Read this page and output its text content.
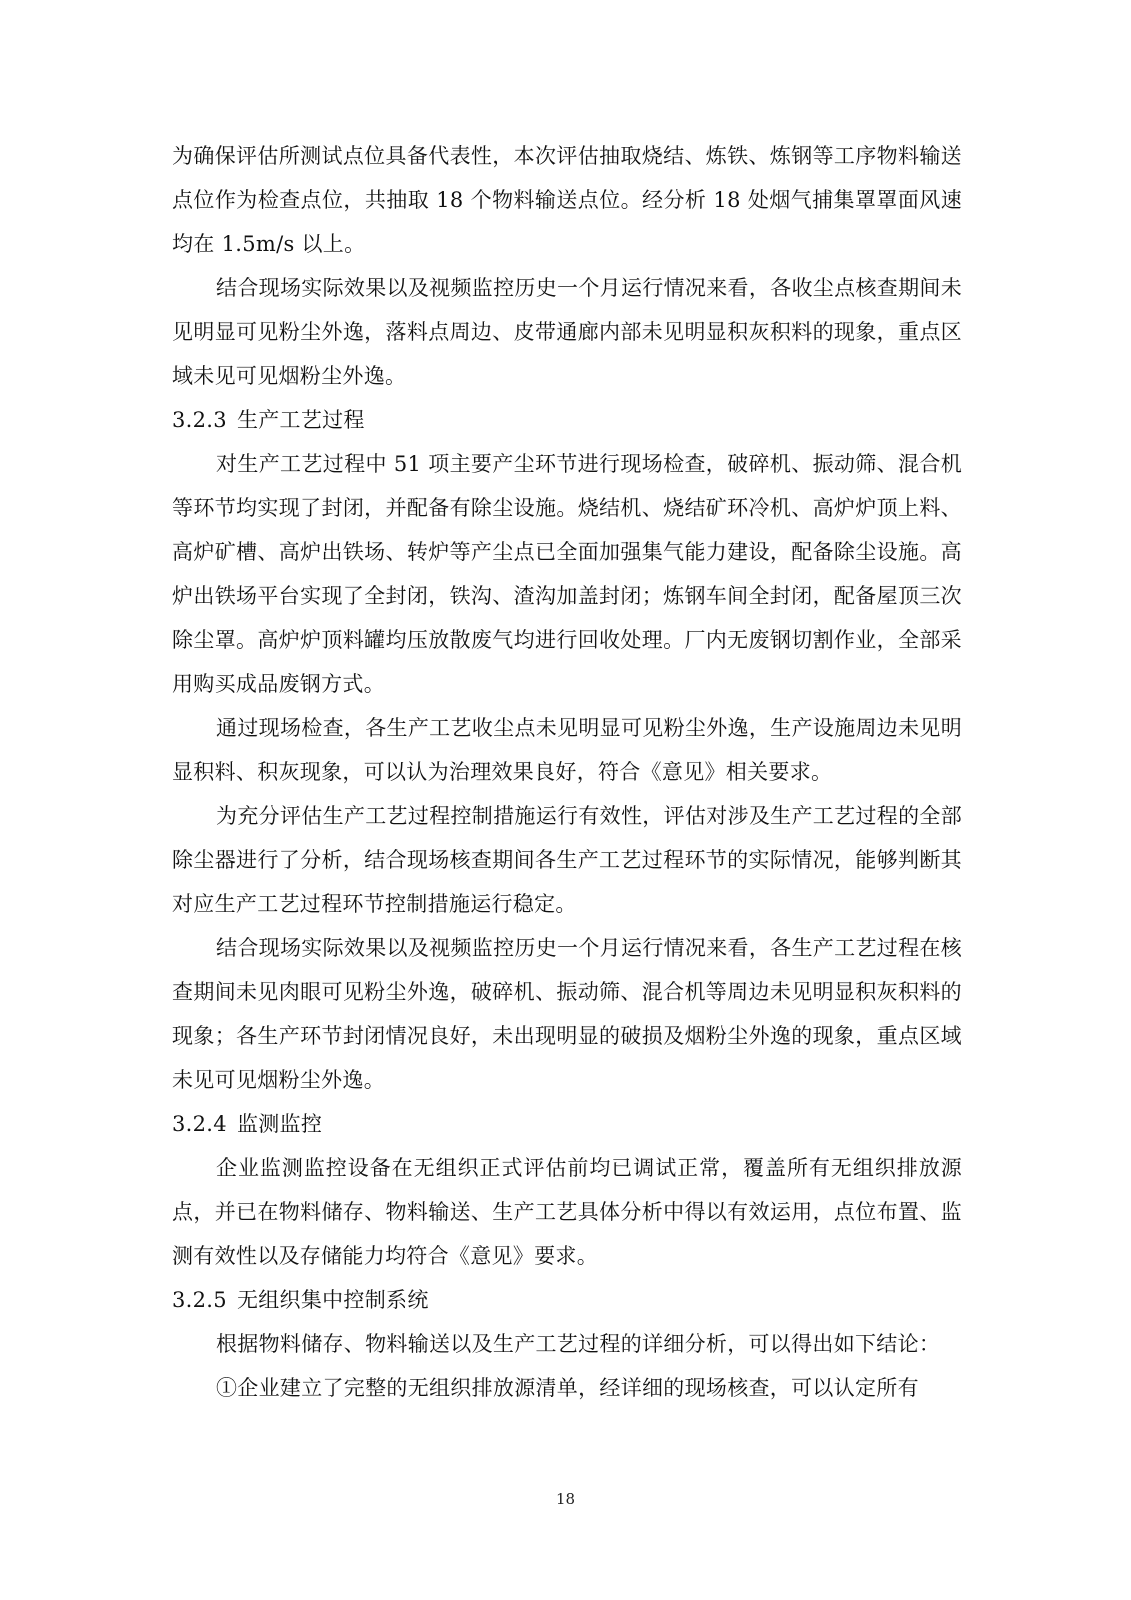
为确保评估所测试点位具备代表性，本次评估抽取烧结、炼铁、炼钢等工序物料输送点位作为检查点位，共抽取 18 个物料输送点位。经分析 18 处烟气捕集罩罩面风速均在 1.5m/s 以上。

结合现场实际效果以及视频监控历史一个月运行情况来看，各收尘点核查期间未见明显可见粉尘外逸，落料点周边、皮带通廊内部未见明显积灰积料的现象，重点区域未见可见烟粉尘外逸。

3.2.3 生产工艺过程

对生产工艺过程中 51 项主要产尘环节进行现场检查，破碎机、振动筛、混合机等环节均实现了封闭，并配备有除尘设施。烧结机、烧结矿环冷机、高炉炉顶上料、高炉矿槽、高炉出铁场、转炉等产尘点已全面加强集气能力建设，配备除尘设施。高炉出铁场平台实现了全封闭，铁沟、渣沟加盖封闭；炼钢车间全封闭，配备屋顶三次除尘罩。高炉炉顶料罐均压放散废气均进行回收处理。厂内无废钢切割作业，全部采用购买成品废钢方式。

通过现场检查，各生产工艺收尘点未见明显可见粉尘外逸，生产设施周边未见明显积料、积灰现象，可以认为治理效果良好，符合《意见》相关要求。

为充分评估生产工艺过程控制措施运行有效性，评估对涉及生产工艺过程的全部除尘器进行了分析，结合现场核查期间各生产工艺过程环节的实际情况，能够判断其对应生产工艺过程环节控制措施运行稳定。

结合现场实际效果以及视频监控历史一个月运行情况来看，各生产工艺过程在核查期间未见肉眼可见粉尘外逸，破碎机、振动筛、混合机等周边未见明显积灰积料的现象；各生产环节封闭情况良好，未出现明显的破损及烟粉尘外逸的现象，重点区域未见可见烟粉尘外逸。

3.2.4 监测监控

企业监测监控设备在无组织正式评估前均已调试正常，覆盖所有无组织排放源点，并已在物料储存、物料输送、生产工艺具体分析中得以有效运用，点位布置、监测有效性以及存储能力均符合《意见》要求。

3.2.5 无组织集中控制系统

根据物料储存、物料输送以及生产工艺过程的详细分析，可以得出如下结论：

①企业建立了完整的无组织排放源清单，经详细的现场核查，可以认定所有

18
